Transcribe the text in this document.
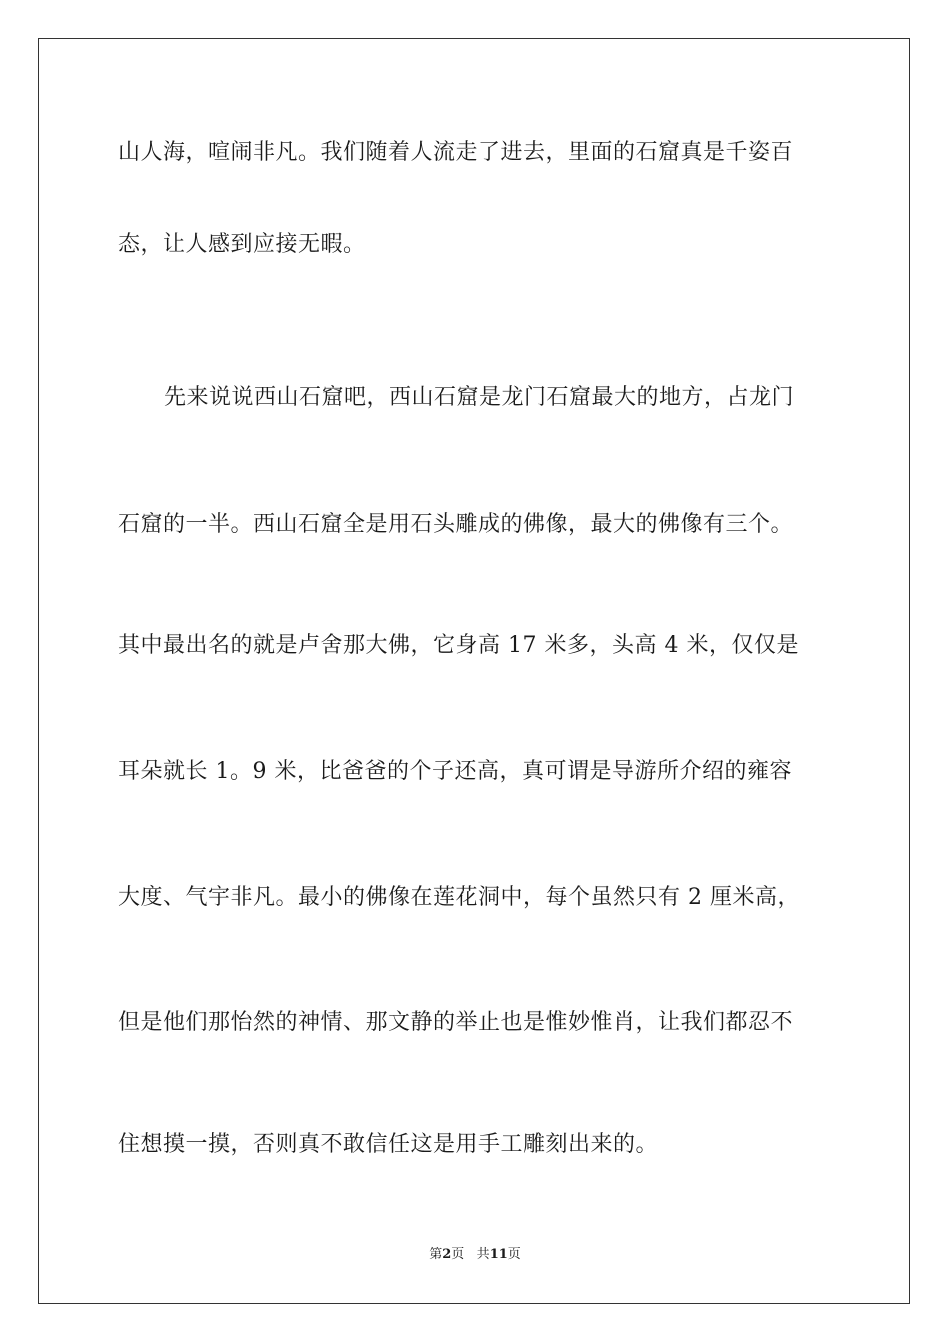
山人海，喧闹非凡。我们随着人流走了进去，里面的石窟真是千姿百
态，让人感到应接无暇。
先来说说西山石窟吧，西山石窟是龙门石窟最大的地方，占龙门
石窟的一半。西山石窟全是用石头雕成的佛像，最大的佛像有三个。
其中最出名的就是卢舍那大佛，它身高 17 米多，头高 4 米，仅仅是
耳朵就长 1。9 米，比爸爸的个子还高，真可谓是导游所介绍的雍容
大度、气宇非凡。最小的佛像在莲花洞中，每个虽然只有 2 厘米高，
但是他们那怡然的神情、那文静的举止也是惟妙惟肖，让我们都忍不
住想摸一摸，否则真不敢信任这是用手工雕刻出来的。
第2页 共11页
